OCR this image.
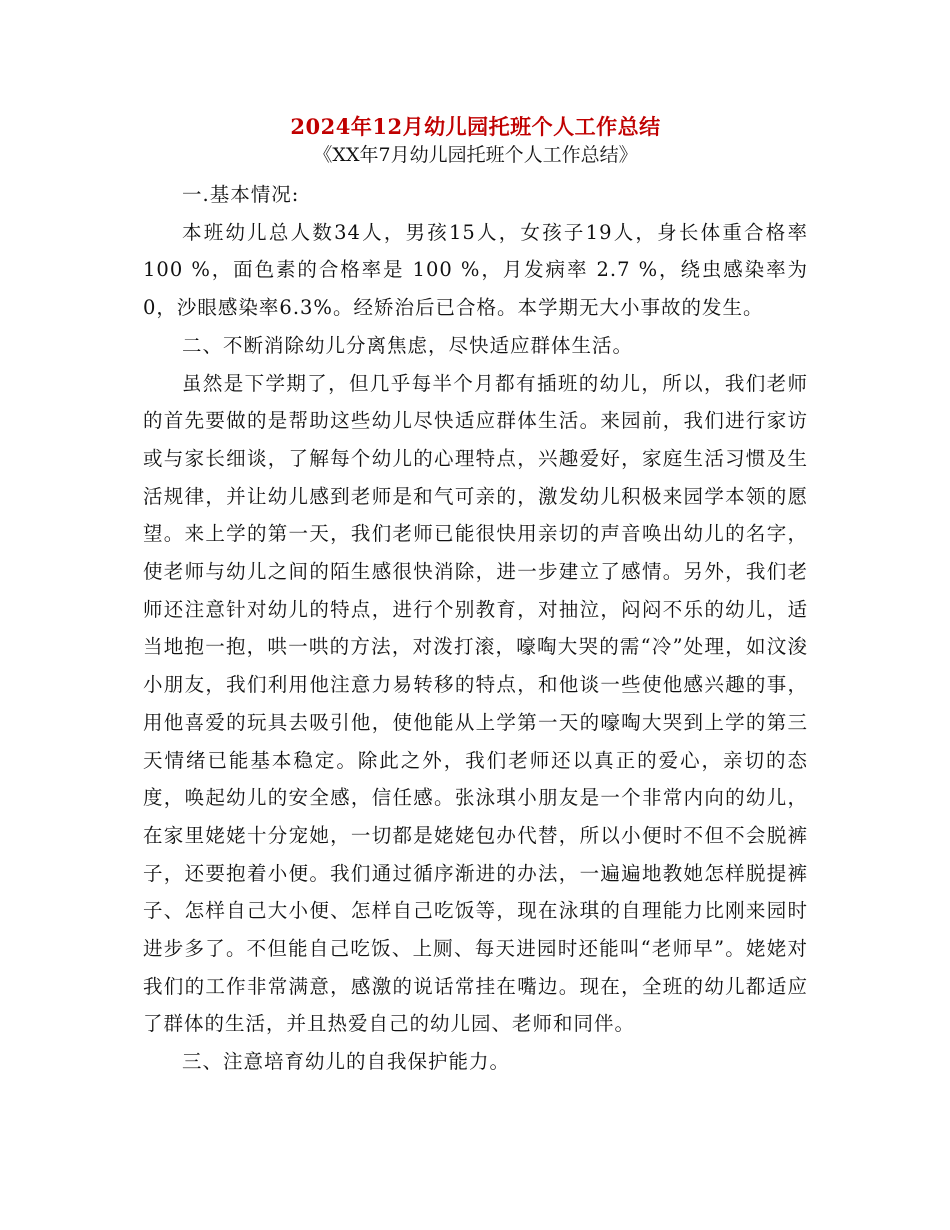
2024年12月幼儿园托班个人工作总结

《XX年7月幼儿园托班个人工作总结》

一.基本情况:

本班幼儿总人数34人，男孩15人，女孩子19人，身长体重合格率 100 %，面色素的合格率是 100 %，月发病率 2.7 %，绕虫感染率为0，沙眼感染率6.3%。经矫治后已合格。本学期无大小事故的发生。

二、不断消除幼儿分离焦虑，尽快适应群体生活。

虽然是下学期了，但几乎每半个月都有插班的幼儿，所以，我们老师的首先要做的是帮助这些幼儿尽快适应群体生活。来园前，我们进行家访或与家长细谈，了解每个幼儿的心理特点，兴趣爱好，家庭生活习惯及生活规律，并让幼儿感到老师是和气可亲的，激发幼儿积极来园学本领的愿望。来上学的第一天，我们老师已能很快用亲切的声音唤出幼儿的名字，使老师与幼儿之间的陌生感很快消除，进一步建立了感情。另外，我们老师还注意针对幼儿的特点，进行个别教育，对抽泣，闷闷不乐的幼儿，适当地抱一抱，哄一哄的方法，对泼打滚，嚎啕大哭的需“冷”处理，如汶浚小朋友，我们利用他注意力易转移的特点，和他谈一些使他感兴趣的事，用他喜爱的玩具去吸引他，使他能从上学第一天的嚎啕大哭到上学的第三天情绪已能基本稳定。除此之外，我们老师还以真正的爱心，亲切的态度，唤起幼儿的安全感，信任感。张泳琪小朋友是一个非常内向的幼儿，在家里姥姥十分宠她，一切都是姥姥包办代替，所以小便时不但不会脱裤子，还要抱着小便。我们通过循序渐进的办法，一遍遍地教她怎样脱提裤子、怎样自己大小便、怎样自己吃饭等，现在泳琪的自理能力比刚来园时进步多了。不但能自己吃饭、上厕、每天进园时还能叫“老师早”。姥姥对我们的工作非常满意，感激的说话常挂在嘴边。现在，全班的幼儿都适应了群体的生活，并且热爱自己的幼儿园、老师和同伴。

三、注意培育幼儿的自我保护能力。
